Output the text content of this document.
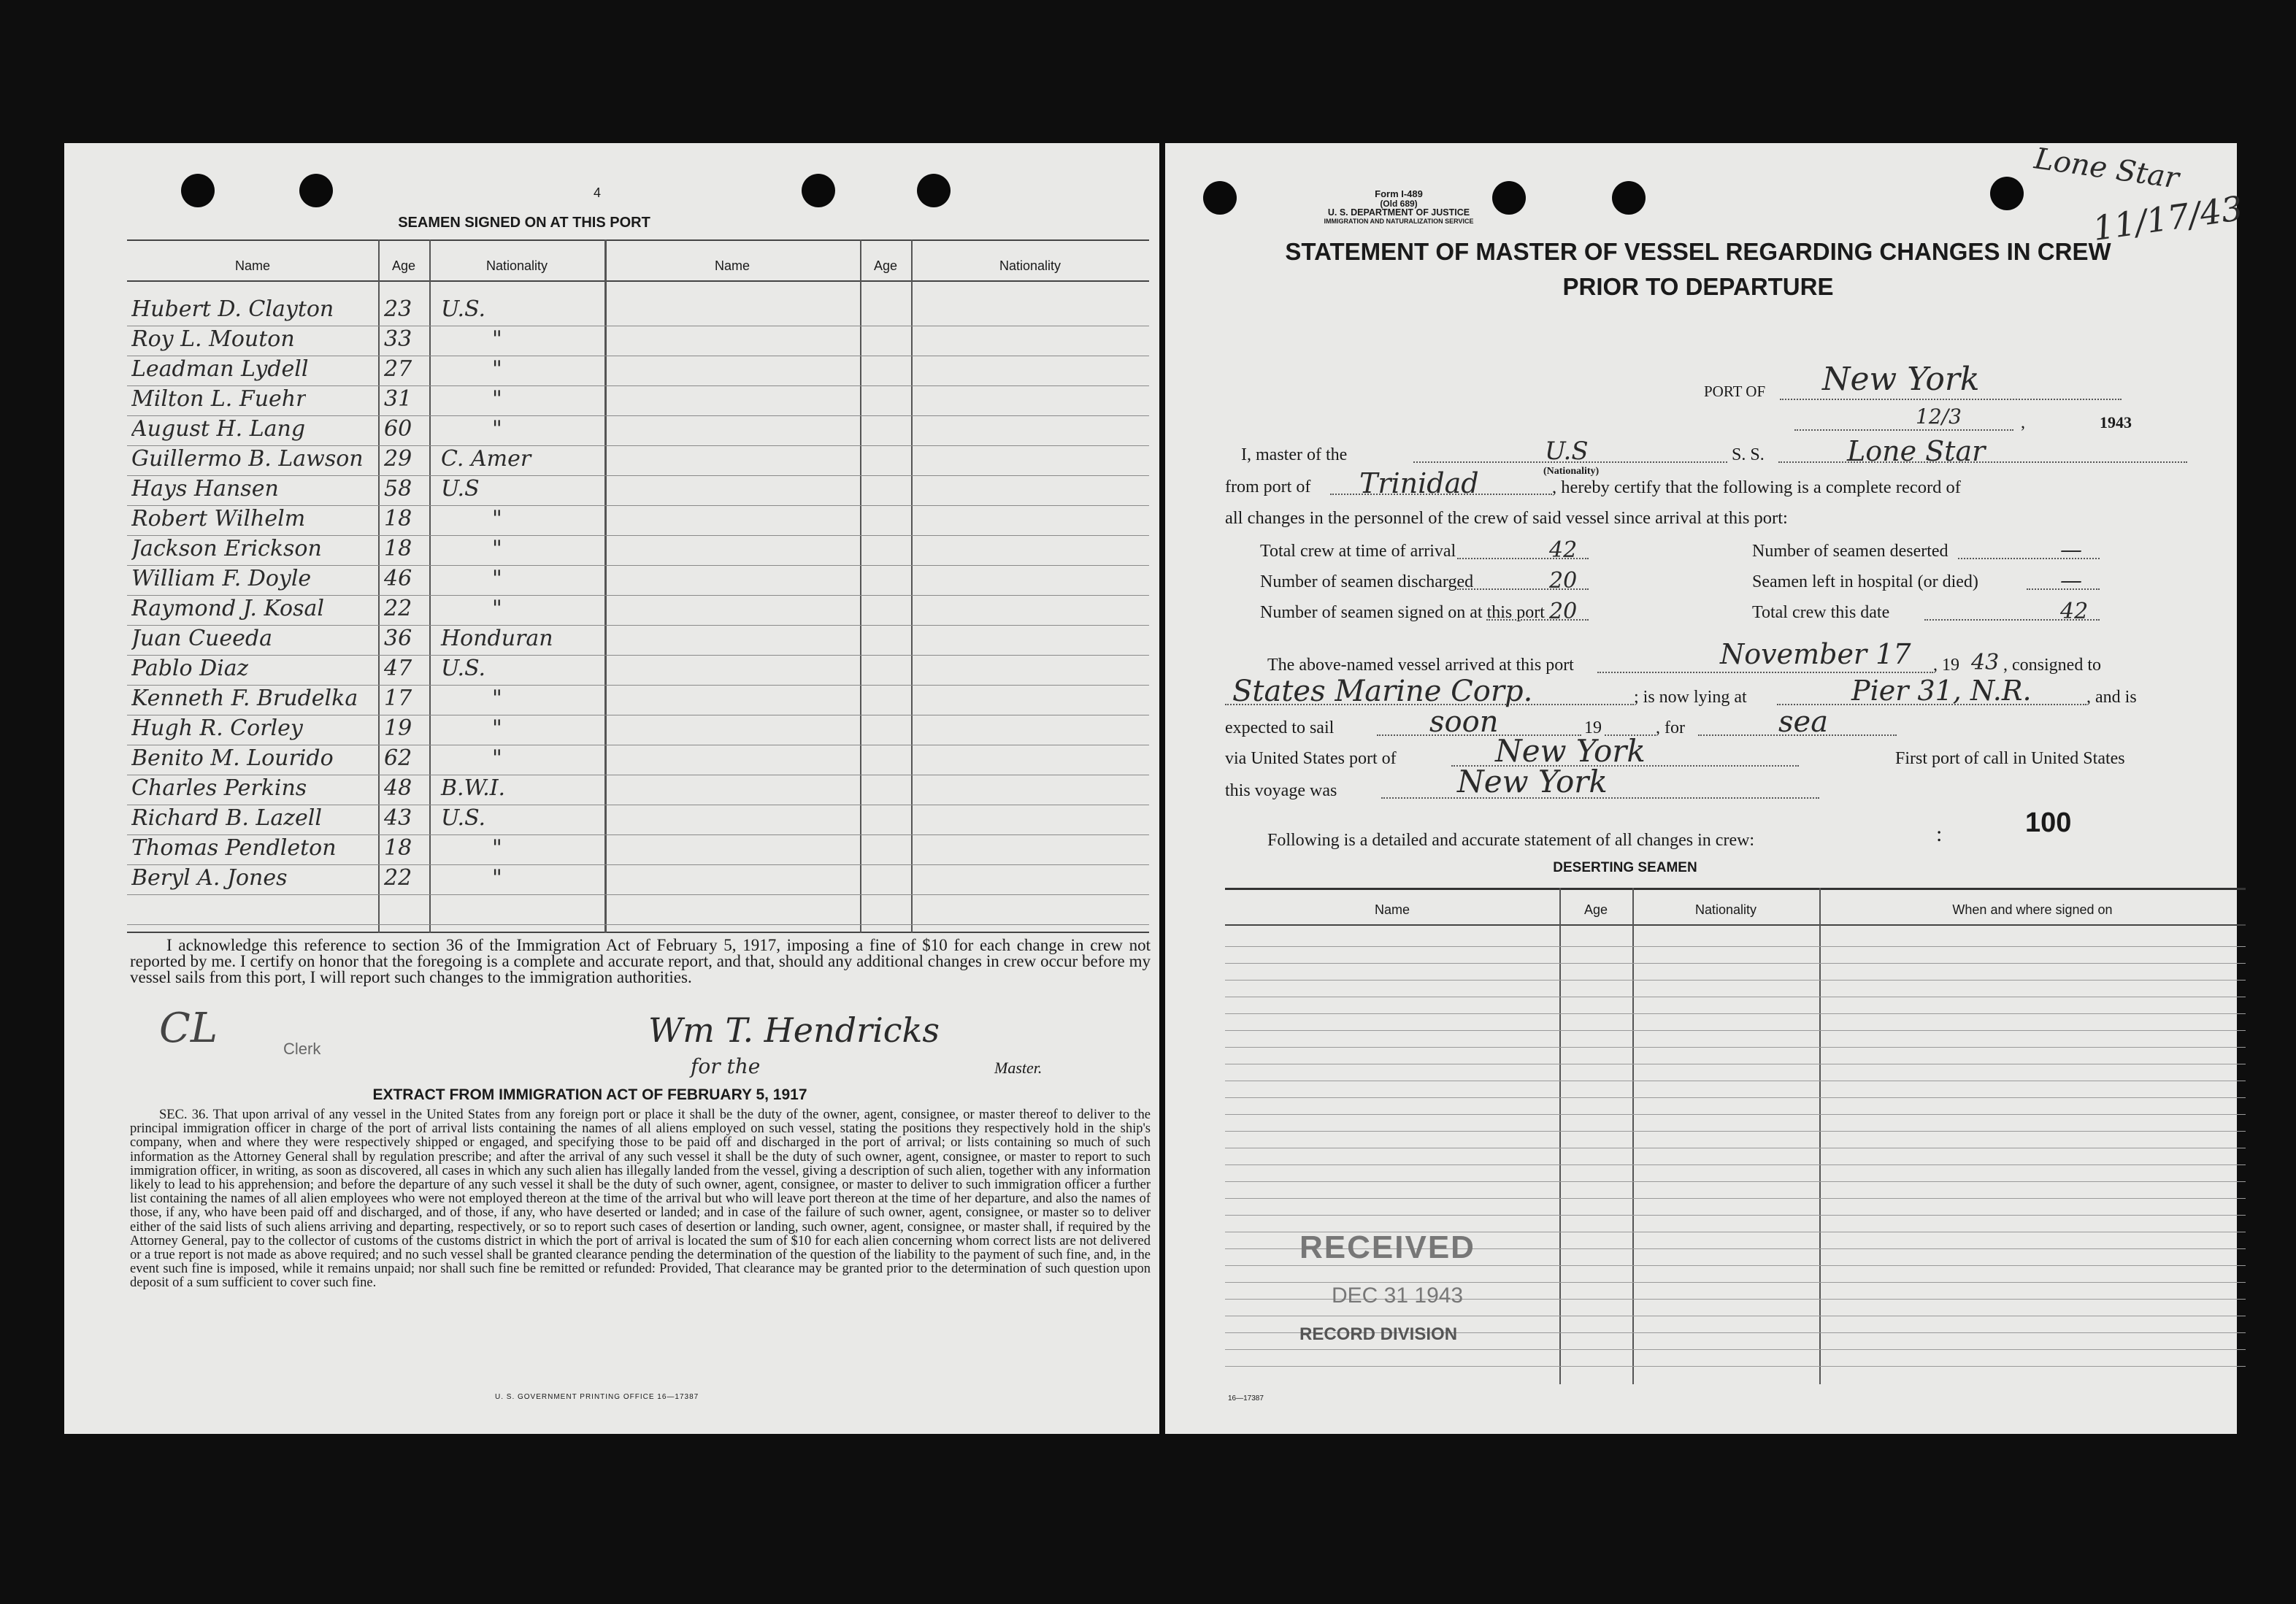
4
SEAMEN SIGNED ON AT THIS PORT
Name	Age	Nationality	Name	Age	Nationality
Hubert D. Clayton 23 U.S.
Roy L. Mouton	33	"
Leadman Lydell	27	"
Milton L. Fuehr	31	"
August H. Lang	60	"
Guillermo B. Lawson 29 C. Amer
Hays Hansen	58 U.S
Robert Wilhelm	18	"
Jackson Erickson	18	"
William F. Doyle	46	"
Raymond J. Kosal	22	"
Juan Cueeda	36 Honduran
Pablo Diaz	47 U.S.
Kenneth F. Brudelka 17	"
Hugh R. Corley	19	"
Benito M. Lourido 62	"
Charles Perkins	48 B.W.I.
Richard B. Lazell	43 U.S.
Thomas Pendleton 18	"
Beryl A. Jones	22	"
I acknowledge this reference to section 36 of the Immigration Act of February 5, 1917, imposing a fine of $10 for each change in crew not reported by me. I certify on honor that the foregoing is a complete and accurate report, and that, should any additional changes in crew occur before my vessel sails from this port, I will report such changes to the immigration authorities.
CL	Clerk	Wm T. Hendricks
for the	Master.
EXTRACT FROM IMMIGRATION ACT OF FEBRUARY 5, 1917
SEC. 36. That upon arrival of any vessel in the United States from any foreign port or place it shall be the duty of the owner, agent, consignee, or master thereof to deliver to the principal immigration officer in charge of the port of arrival lists containing the names of all aliens employed on such vessel, stating the positions they respectively hold in the ship's company, when and where they were respectively shipped or engaged, and specifying those to be paid off and discharged in the port of arrival; or lists containing so much of such information as the Attorney General shall by regulation prescribe; and after the arrival of any such vessel it shall be the duty of such owner, agent, consignee, or master to report to such immigration officer, in writing, as soon as discovered, all cases in which any such alien has illegally landed from the vessel, giving a description of such alien, together with any information likely to lead to his apprehension; and before the departure of any such vessel it shall be the duty of such owner, agent, consignee, or master to deliver to such immigration officer a further list containing the names of all alien employees who were not employed thereon at the time of the arrival but who will leave port thereon at the time of her departure, and also the names of those, if any, who have been paid off and discharged, and of those, if any, who have deserted or landed; and in case of the failure of such owner, agent, consignee, or master so to deliver either of the said lists of such aliens arriving and departing, respectively, or so to report such cases of desertion or landing, such owner, agent, consignee, or master shall, if required by the Attorney General, pay to the collector of customs of the customs district in which the port of arrival is located the sum of $10 for each alien concerning whom correct lists are not delivered or a true report is not made as above required; and no such vessel shall be granted clearance pending the determination of the question of the liability to the payment of such fine, and, in the event such fine is imposed, while it remains unpaid; nor shall such fine be remitted or refunded: Provided, That clearance may be granted prior to the determination of such question upon deposit of a sum sufficient to cover such fine.
U. S. GOVERNMENT PRINTING OFFICE 16—17387
Lone Star
11/17/43
Form I-489
(Old 689)
U. S. DEPARTMENT OF JUSTICE
IMMIGRATION AND NATURALIZATION SERVICE
STATEMENT OF MASTER OF VESSEL REGARDING CHANGES IN CREW
PRIOR TO DEPARTURE
PORT OF New York
12/3	,	1943
I, master of the	U.S
(Nationality)
S. S.	Lone Star
from port of Trinidad	, hereby certify that the following is a complete record of
all changes in the personnel of the crew of said vessel since arrival at this port:
Total crew at time of arrival	42
Number of seamen discharged	20
Number of seamen signed on at this port 20
Number of seamen deserted	—
Seamen left in hospital (or died)	—
Total crew this date	42
The above-named vessel arrived at this port	November 17 , 19 43 , consigned to
States Marine Corp.	; is now lying at	Pier 31, N.R.	, and is
expected to sail	soon	19	, for	sea
via United States port of	New York	First port of call in United States
this voyage was	New York
Following is a detailed and accurate statement of all changes in crew:	:	100
DESERTING SEAMEN
Name	Age	Nationality	When and where signed on
RECEIVED
DEC 31 1943
RECORD DIVISION
16—17387
